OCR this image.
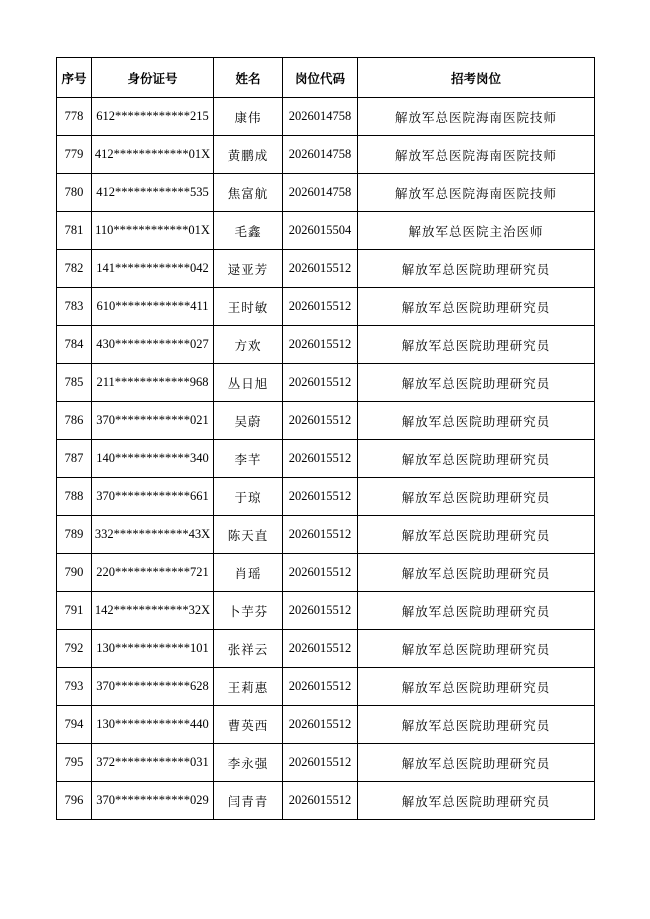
序号	身份证号	姓名	岗位代码	招考岗位
778	612************215	康伟	2026014758	解放军总医院海南医院技师
779	412************01X	黄鹏成	2026014758	解放军总医院海南医院技师
780	412************535	焦富航	2026014758	解放军总医院海南医院技师
781	110************01X	毛鑫	2026015504	解放军总医院主治医师
782	141************042	逯亚芳	2026015512	解放军总医院助理研究员
783	610************411	王时敏	2026015512	解放军总医院助理研究员
784	430************027	方欢	2026015512	解放军总医院助理研究员
785	211************968	丛日旭	2026015512	解放军总医院助理研究员
786	370************021	吴蔚	2026015512	解放军总医院助理研究员
787	140************340	李芊	2026015512	解放军总医院助理研究员
788	370************661	于琼	2026015512	解放军总医院助理研究员
789	332************43X	陈天直	2026015512	解放军总医院助理研究员
790	220************721	肖瑶	2026015512	解放军总医院助理研究员
791	142************32X	卜芋芬	2026015512	解放军总医院助理研究员
792	130************101	张祥云	2026015512	解放军总医院助理研究员
793	370************628	王莉惠	2026015512	解放军总医院助理研究员
794	130************440	曹英西	2026015512	解放军总医院助理研究员
795	372************031	李永强	2026015512	解放军总医院助理研究员
796	370************029	闫青青	2026015512	解放军总医院助理研究员
